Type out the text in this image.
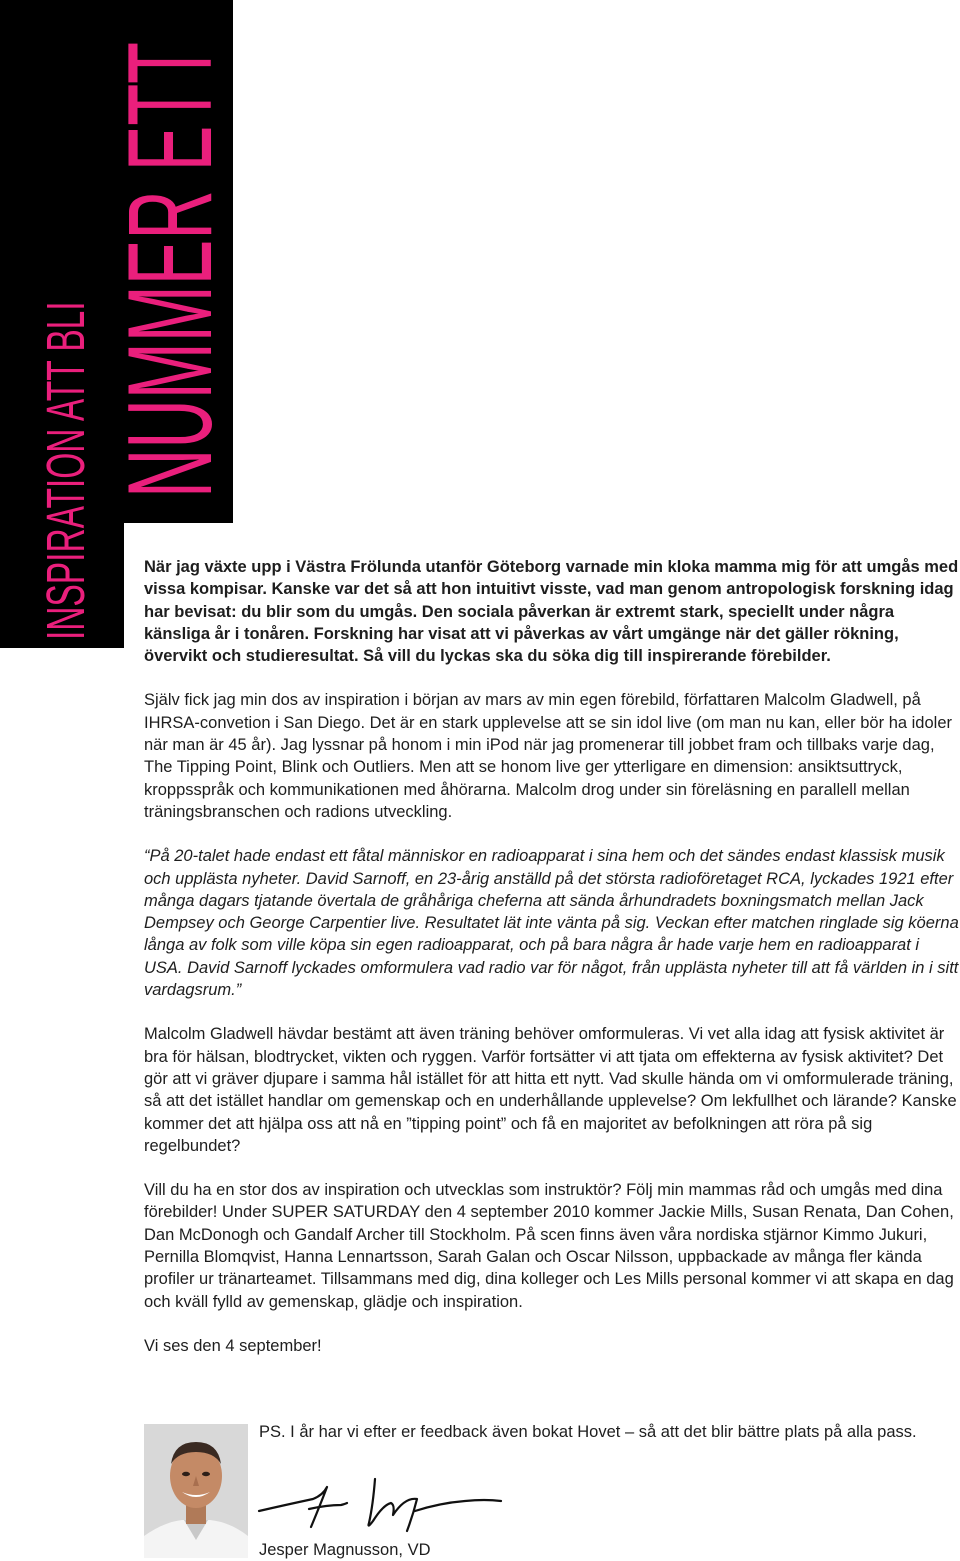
INSPIRATION ATT BLI NUMMER ETT

När jag växte upp i Västra Frölunda utanför Göteborg varnade min kloka mamma mig för att umgås med vissa kompisar. Kanske var det så att hon intuitivt visste, vad man genom antropologisk forskning idag har bevisat: du blir som du umgås. Den sociala påverkan är extremt stark, speciellt under några känsliga år i tonåren. Forskning har visat att vi påverkas av vårt umgänge när det gäller rökning, övervikt och studieresultat. Så vill du lyckas ska du söka dig till inspirerande förebilder.

Själv fick jag min dos av inspiration i början av mars av min egen förebild, författaren Malcolm Gladwell, på IHRSA-convetion i San Diego. Det är en stark upplevelse att se sin idol live (om man nu kan, eller bör ha idoler när man är 45 år). Jag lyssnar på honom i min iPod när jag promenerar till jobbet fram och tillbaks varje dag, The Tipping Point, Blink och Outliers. Men att se honom live ger ytterligare en dimension: ansiktsuttryck, kroppsspråk och kommunikationen med åhörarna. Malcolm drog under sin föreläsning en parallell mellan träningsbranschen och radions utveckling.

“På 20-talet hade endast ett fåtal människor en radioapparat i sina hem och det sändes endast klassisk musik och upplästa nyheter. David Sarnoff, en 23-årig anställd på det största radioföretaget RCA, lyckades 1921 efter många dagars tjatande övertala de gråhåriga cheferna att sända århundradets boxningsmatch mellan Jack Dempsey och George Carpentier live. Resultatet lät inte vänta på sig. Veckan efter matchen ringlade sig köerna långa av folk som ville köpa sin egen radioapparat, och på bara några år hade varje hem en radioapparat i USA. David Sarnoff lyckades omformulera vad radio var för något, från upplästa nyheter till att få världen in i sitt vardagsrum.”

Malcolm Gladwell hävdar bestämt att även träning behöver omformuleras. Vi vet alla idag att fysisk aktivitet är bra för hälsan, blodtrycket, vikten och ryggen. Varför fortsätter vi att tjata om effekterna av fysisk aktivitet? Det gör att vi gräver djupare i samma hål istället för att hitta ett nytt. Vad skulle hända om vi omformulerade träning, så att det istället handlar om gemenskap och en underhållande upplevelse? Om lekfullhet och lärande? Kanske kommer det att hjälpa oss att nå en ”tipping point” och få en majoritet av befolkningen att röra på sig regelbundet?

Vill du ha en stor dos av inspiration och utvecklas som instruktör? Följ min mammas råd och umgås med dina förebilder! Under SUPER SATURDAY den 4 september 2010 kommer Jackie Mills, Susan Renata, Dan Cohen, Dan McDonogh och Gandalf Archer till Stockholm. På scen finns även våra nordiska stjärnor Kimmo Jukuri, Pernilla Blomqvist, Hanna Lennartsson, Sarah Galan och Oscar Nilsson, uppbackade av många fler kända profiler ur tränarteamet. Tillsammans med dig, dina kolleger och Les Mills personal kommer vi att skapa en dag och kväll fylld av gemenskap, glädje och inspiration.

Vi ses den 4 september!

PS. I år har vi efter er feedback även bokat Hovet – så att det blir bättre plats på alla pass.
Jesper Magnusson, VD
